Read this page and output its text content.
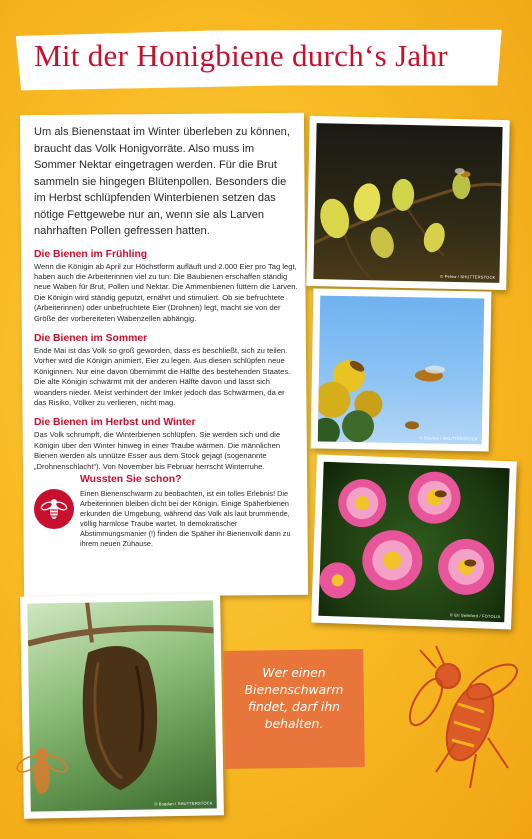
Mit der Honigbiene durch‘s Jahr

Um als Bienenstaat im Winter überleben zu können, braucht das Volk Honigvorräte. Also muss im Sommer Nektar eingetragen werden. Für die Brut sammeln sie hingegen Blütenpollen. Besonders die im Herbst schlüpfenden Winterbienen setzen das nötige Fettgewebe nur an, wenn sie als Larven nahrhaften Pollen gefressen hatten.

Die Bienen im Frühling

Wenn die Königin ab April zur Höchstform aufläuft und 2.000 Eier pro Tag legt, haben auch die Arbeiterinnen viel zu tun: Die Baubienen erschaffen ständig neue Waben für Brut, Pollen und Nektar. Die Ammenbienen füttern die Larven. Die Königin wird ständig geputzt, ernährt und stimuliert. Ob sie befruchtete (Arbeiterinnen) oder unbefruchtete Eier (Drohnen) legt, macht sie von der Größe der vorbereiteten Wabenzellen abhängig.

Die Bienen im Sommer

Ende Mai ist das Volk so groß geworden, dass es beschließt, sich zu teilen. Vorher wird die Königin animiert, Eier zu legen. Aus diesen schlüpfen neue Königinnen. Nur eine davon übernimmt die Hälfte des bestehenden Staates. Die alte Königin schwärmt mit der anderen Hälfte davon und lässt sich woanders nieder. Meist verhindert der Imker jedoch das Schwärmen, da er das Risiko, Völker zu verlieren, nicht mag.

Die Bienen im Herbst und Winter

Das Volk schrumpft, die Winterbienen schlüpfen. Sie werden sich und die Königin über den Winter hinweg in einer Traube wärmen. Die männlichen Bienen werden als unnütze Esser aus dem Stock gejagt (sogenannte „Drohnenschlacht“). Von November bis Februar herrscht Winterruhe.

Wussten Sie schon?
Einen Bienenschwarm zu beobachten, ist ein tolles Erlebnis! Die Arbeiterinnen bleiben dicht bei der Königin. Einige Späherbienen erkunden die Umgebung, während das Volk als laut brummende, völlig harmlose Traube wartet. In demokratischer Abstimmungsmanier (!) finden die Späher ihr Bienenvolk dann zu ihrem neuen Zuhause.
© Pelow / SHUTTERSTOCK
© Stavros / SHUTTERSTOCK
© Eti Swinford / FOTOLIA
© Bogdan / SHUTTERSTOCK
Wer einen Bienenschwarm findet, darf ihn behalten.
